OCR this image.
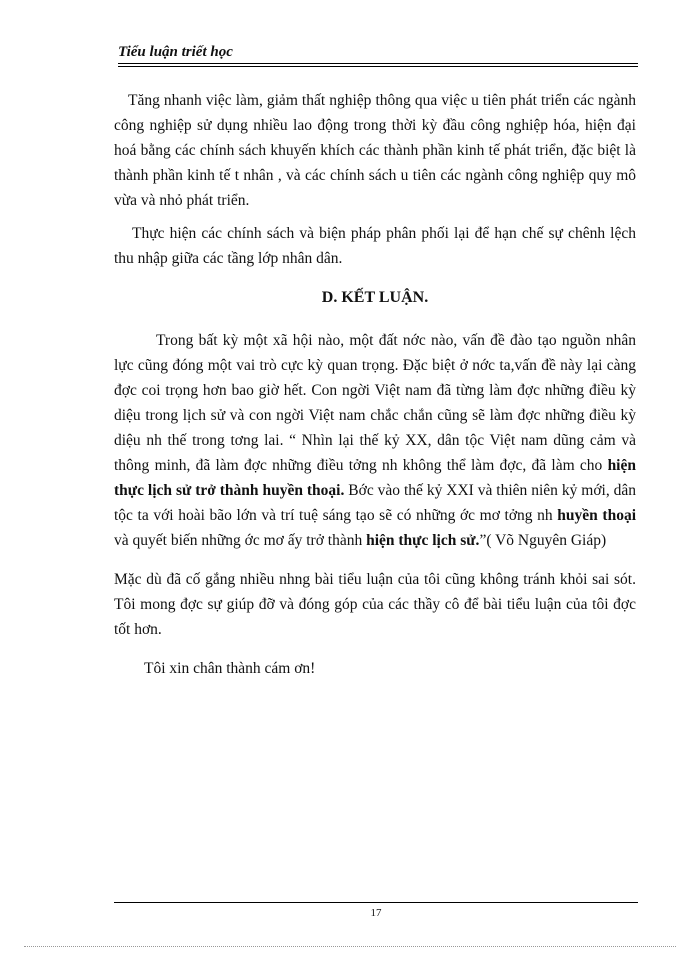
Tiểu luận triết học

Tăng nhanh việc làm, giảm thất nghiệp thông qua việc u tiên phát triển các ngành công nghiệp sử dụng nhiều lao động trong thời kỳ đầu công nghiệp hóa, hiện đại hoá bằng các chính sách khuyến khích các thành phần kinh tế phát triển, đặc biệt là thành phần kinh tế t nhân , và các chính sách u tiên các ngành công nghiệp quy mô vừa và nhỏ phát triển.

Thực hiện các chính sách và biện pháp phân phối lại để hạn chế sự chênh lệch thu nhập giữa các tầng lớp nhân dân.

D. KẾT LUẬN.

Trong bất kỳ một xã hội nào, một đất nớc nào, vấn đề đào tạo nguồn nhân lực cũng đóng một vai trò cực kỳ quan trọng. Đặc biệt ở nớc ta,vấn đề này lại càng đợc coi trọng hơn bao giờ hết. Con ngời Việt nam đã từng làm đợc những điều kỳ diệu trong lịch sử và con ngời Việt nam chắc chắn cũng sẽ làm đợc những điều kỳ diệu nh thế trong tơng lai. “ Nhìn lại thế kỷ XX, dân tộc Việt nam dũng cảm và thông minh, đã làm đợc những điều tởng nh không thể làm đợc, đã làm cho hiện thực lịch sử trở thành huyền thoại. Bớc vào thế kỷ XXI và thiên niên kỷ mới, dân tộc ta với hoài bão lớn và trí tuệ sáng tạo sẽ có những ớc mơ tởng nh huyền thoại và quyết biến những ớc mơ ấy trở thành hiện thực lịch sử.”( Võ Nguyên Giáp)

Mặc dù đã cố gắng nhiều nhng bài tiểu luận của tôi cũng không tránh khỏi sai sót. Tôi mong đợc sự giúp đỡ và đóng góp của các thầy cô để bài tiểu luận của tôi đợc tốt hơn.

Tôi xin chân thành cám ơn!

17
